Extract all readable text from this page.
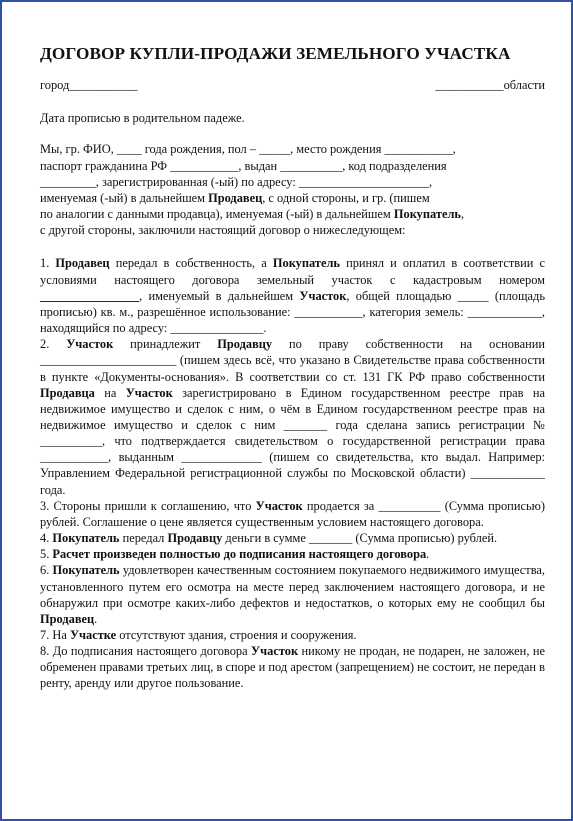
ДОГОВОР КУПЛИ-ПРОДАЖИ ЗЕМЕЛЬНОГО УЧАСТКА
город___________	___________области

Дата прописью в родительном падеже.

Мы, гр. ФИО, ____ года рождения, пол – _____, место рождения ___________,

паспорт гражданина РФ ___________, выдан __________, код подразделения

_________, зарегистрированная (-ый) по адресу: _____________________,

именуемая (-ый) в дальнейшем Продавец, с одной стороны, и гр. (пишем

по аналогии с данными продавца), именуемая (-ый) в дальнейшем Покупатель,

с другой стороны, заключили настоящий договор о нижеследующем:

1. Продавец передал в собственность, а Покупатель принял и оплатил в соответствии с условиями настоящего договора земельный участок с кадастровым номером ________________, именуемый в дальнейшем Участок, общей площадью _____ (площадь прописью) кв. м., разрешённое использование: ___________, категория земель: ____________, находящийся по адресу: _______________.

2. Участок принадлежит Продавцу по праву собственности на основании ______________________ (пишем здесь всё, что указано в Свидетельстве права собственности в пункте «Документы-основания». В соответствии со ст. 131 ГК РФ право собственности Продавца на Участок зарегистрировано в Едином государственном реестре прав на недвижимое имущество и сделок с ним, о чём в Едином государственном реестре прав на недвижимое имущество и сделок с ним _______ года сделана запись регистрации № __________, что подтверждается свидетельством о государственной регистрации права ___________, выданным _____________ (пишем со свидетельства, кто выдал. Например: Управлением Федеральной регистрационной службы по Московской области) ____________ года.

3. Стороны пришли к соглашению, что Участок продается за __________ (Сумма прописью) рублей. Соглашение о цене является существенным условием настоящего договора.

4. Покупатель передал Продавцу деньги в сумме _______ (Сумма прописью) рублей.

5. Расчет произведен полностью до подписания настоящего договора.

6. Покупатель удовлетворен качественным состоянием покупаемого недвижимого имущества, установленного путем его осмотра на месте перед заключением настоящего договора, и не обнаружил при осмотре каких-либо дефектов и недостатков, о которых ему не сообщил бы Продавец.

7. На Участке отсутствуют здания, строения и сооружения.

8. До подписания настоящего договора Участок никому не продан, не подарен, не заложен, не обременен правами третьих лиц, в споре и под арестом (запрещением) не состоит, не передан в ренту, аренду или другое пользование.
